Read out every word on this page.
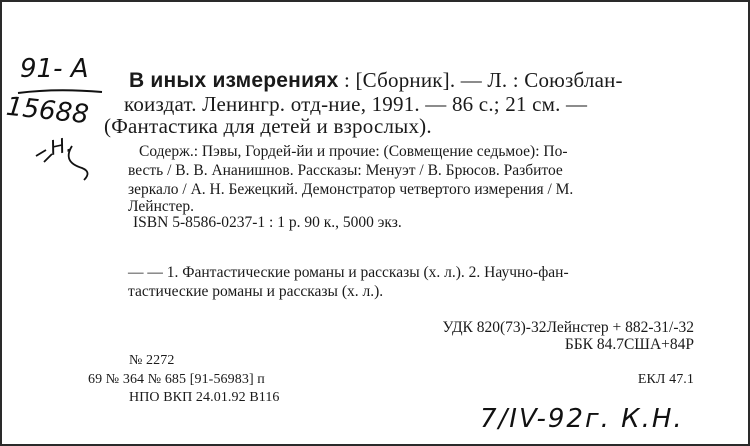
91- A
15688
H.
В иных измерениях : [Сборник]. — Л. : Союзблан-
коиздат. Ленингр. отд-ние, 1991. — 86 с.; 21 см. —
(Фантастика для детей и взрослых).
Содерж.: Пэвы, Гордей-йи и прочие: (Совмещение седьмое): По-
весть / В. В. Ананишнов. Рассказы: Менуэт / В. Брюсов. Разбитое
зеркало / А. Н. Бежецкий. Демонстратор четвертого измерения / М.
Лейнстер.
ISBN 5-8586-0237-1 : 1 р. 90 к., 5000 экз.
— — 1. Фантастические романы и рассказы (х. л.). 2. Научно-фан-
тастические романы и рассказы (х. л.).
УДК 820(73)-32Лейнстер + 882-31/-32
ББК 84.7США+84Р
№ 2272
69 № 364 № 685 [91-56983] п
НПО ВКП 24.01.92 В116
ЕКЛ 47.1
7/IV-92г. К.Н.
